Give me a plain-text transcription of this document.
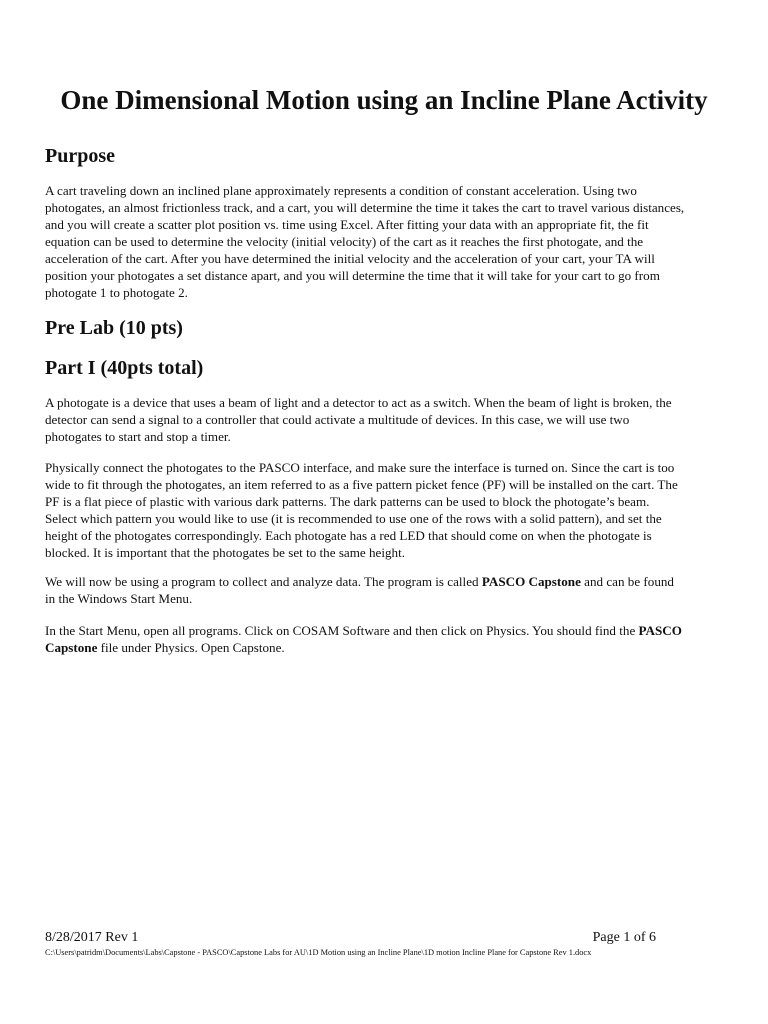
One Dimensional Motion using an Incline Plane Activity
Purpose
A cart traveling down an inclined plane approximately represents a condition of constant acceleration. Using two
photogates, an almost frictionless track, and a cart, you will determine the time it takes the cart to travel various distances,
and you will create a scatter plot position vs. time using Excel. After fitting your data with an appropriate fit, the fit
equation can be used to determine the velocity (initial velocity) of the cart as it reaches the first photogate, and the
acceleration of the cart. After you have determined the initial velocity and the acceleration of your cart, your TA will
position your photogates a set distance apart, and you will determine the time that it will take for your cart to go from
photogate 1 to photogate 2.
Pre Lab (10 pts)
Part I (40pts total)
A photogate is a device that uses a beam of light and a detector to act as a switch. When the beam of light is broken, the
detector can send a signal to a controller that could activate a multitude of devices. In this case, we will use two
photogates to start and stop a timer.
Physically connect the photogates to the PASCO interface, and make sure the interface is turned on. Since the cart is too
wide to fit through the photogates, an item referred to as a five pattern picket fence (PF) will be installed on the cart. The
PF is a flat piece of plastic with various dark patterns. The dark patterns can be used to block the photogate’s beam.
Select which pattern you would like to use (it is recommended to use one of the rows with a solid pattern), and set the
height of the photogates correspondingly. Each photogate has a red LED that should come on when the photogate is
blocked. It is important that the photogates be set to the same height.
We will now be using a program to collect and analyze data. The program is called PASCO Capstone and can be found
in the Windows Start Menu.
In the Start Menu, open all programs. Click on COSAM Software and then click on Physics. You should find the PASCO
Capstone file under Physics. Open Capstone.
8/28/2017 Rev 1	Page 1 of 6
C:\Users\patridm\Documents\Labs\Capstone - PASCO\Capstone Labs for AU\1D Motion using an Incline Plane\1D motion Incline Plane for Capstone Rev 1.docx
